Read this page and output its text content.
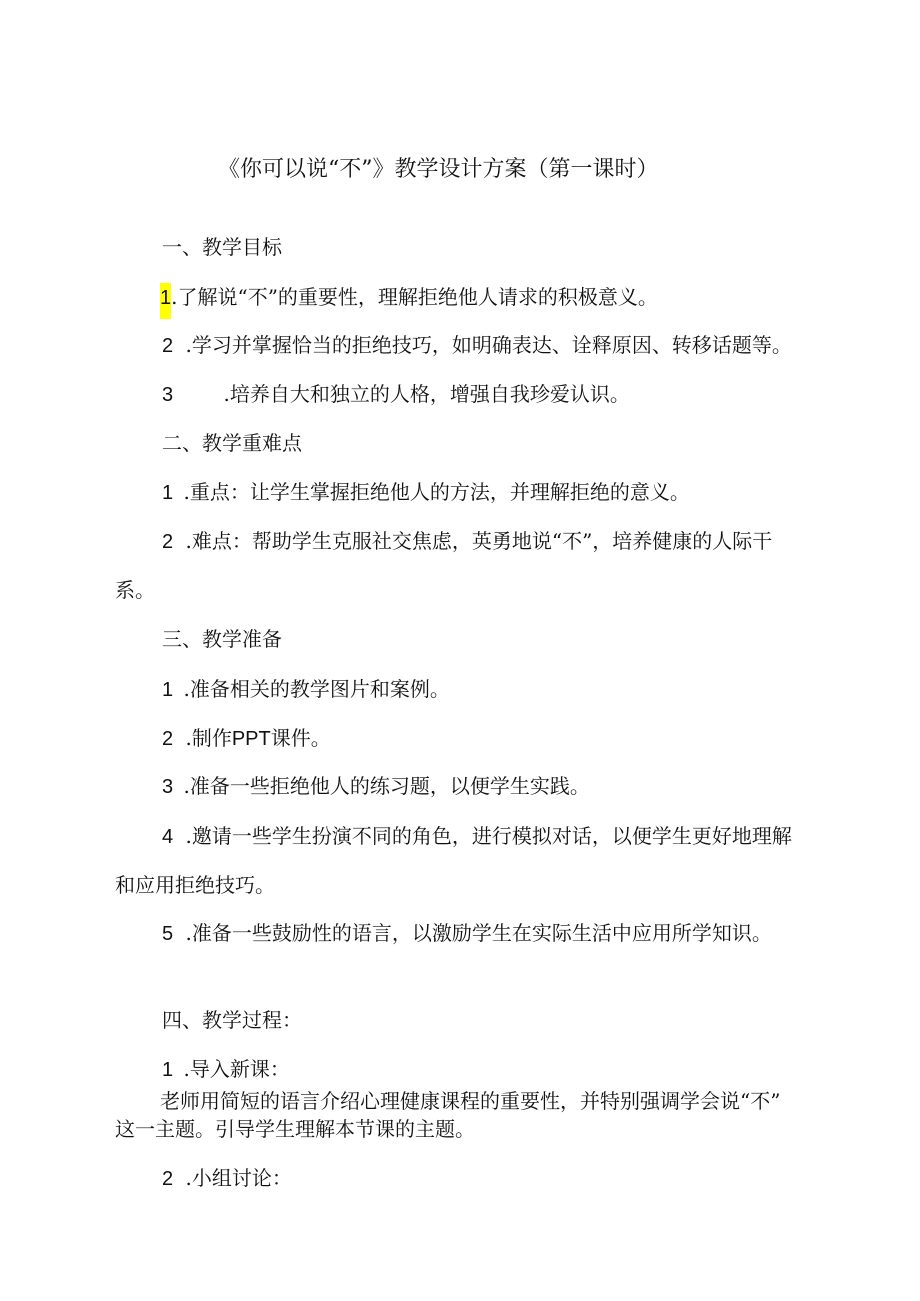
《你可以说“不”》教学设计方案（第一课时）
一、教学目标
1.了解说“不”的重要性，理解拒绝他人请求的积极意义。
2 .学习并掌握恰当的拒绝技巧，如明确表达、诠释原因、转移话题等。
3	.培养自大和独立的人格，增强自我珍爱认识。
二、教学重难点
1 .重点：让学生掌握拒绝他人的方法，并理解拒绝的意义。
2 .难点：帮助学生克服社交焦虑，英勇地说“不”，培养健康的人际干
系。
三、教学准备
1 .准备相关的教学图片和案例。
2 .制作PPT课件。
3 .准备一些拒绝他人的练习题，以便学生实践。
4 .邀请一些学生扮演不同的角色，进行模拟对话，以便学生更好地理解
和应用拒绝技巧。
5 .准备一些鼓励性的语言，以激励学生在实际生活中应用所学知识。
四、教学过程：
1 .导入新课：
老师用简短的语言介绍心理健康课程的重要性，并特别强调学会说“不”
这一主题。引导学生理解本节课的主题。
2 .小组讨论：
